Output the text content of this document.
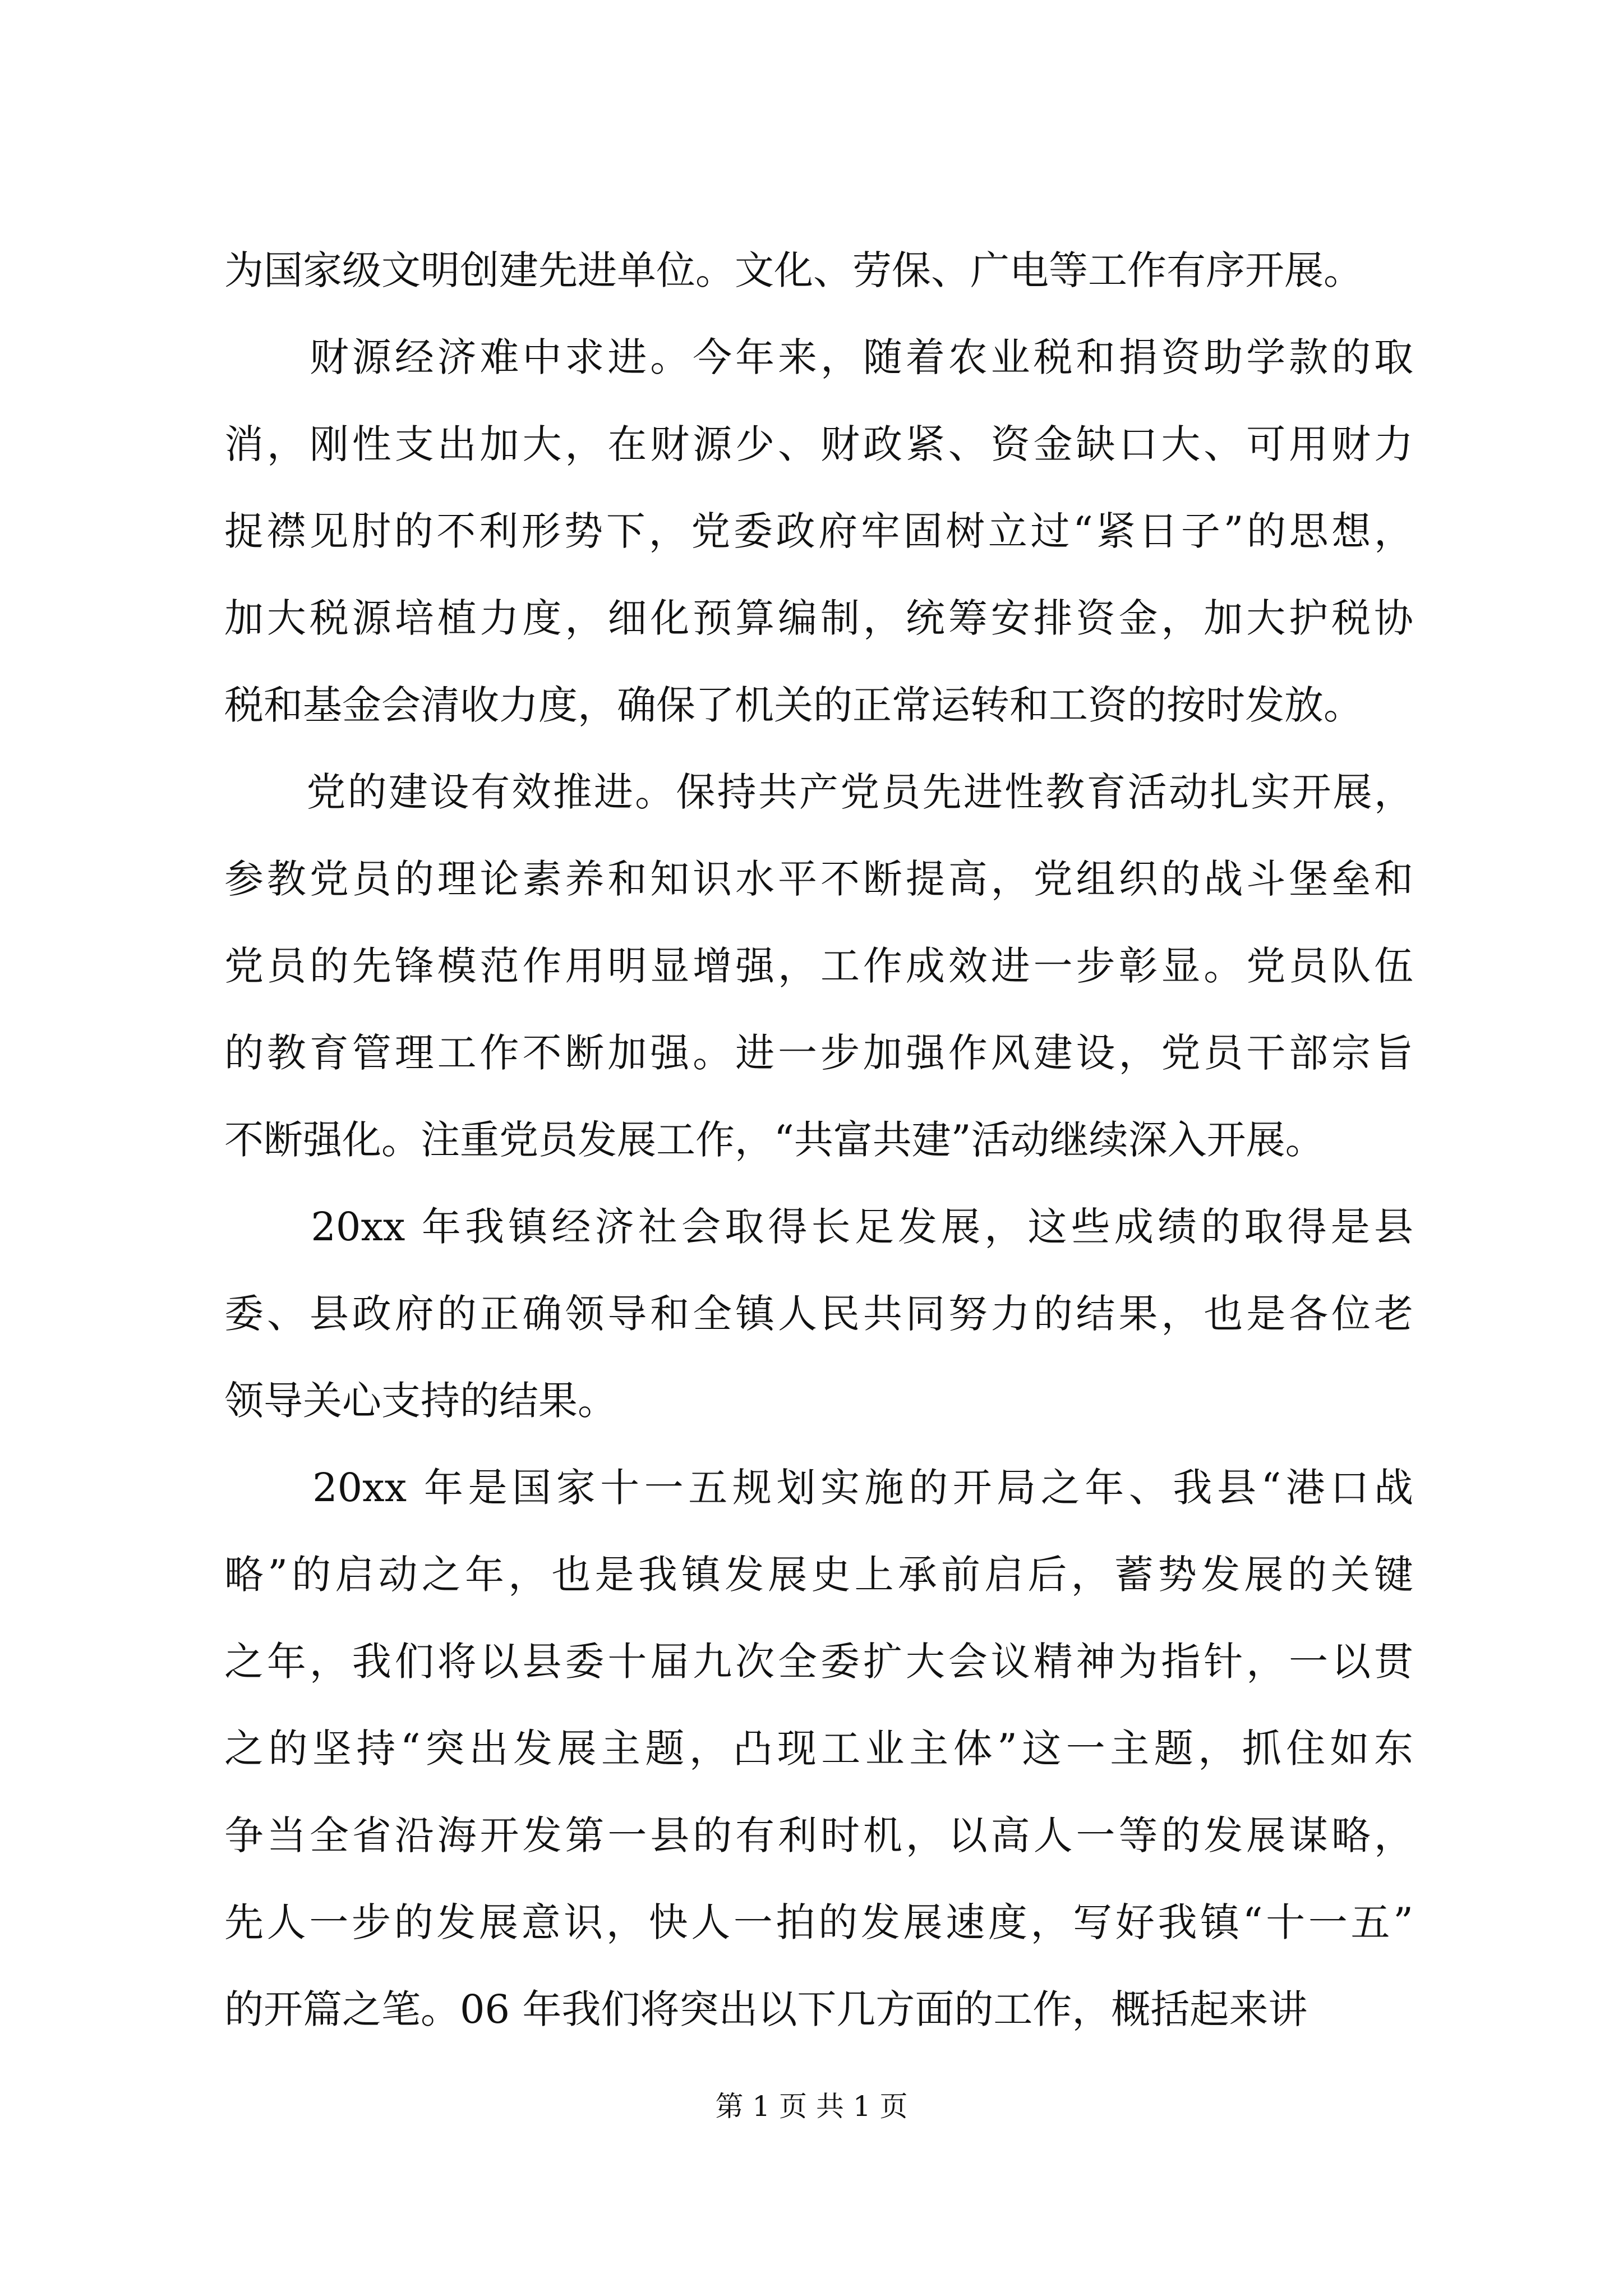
为国家级文明创建先进单位。文化、劳保、广电等工作有序开展。
　　财源经济难中求进。今年来，随着农业税和捐资助学款的取
消，刚性支出加大，在财源少、财政紧、资金缺口大、可用财力
捉襟见肘的不利形势下，党委政府牢固树立过“紧日子”的思想，
加大税源培植力度，细化预算编制，统筹安排资金，加大护税协
税和基金会清收力度，确保了机关的正常运转和工资的按时发放。
　　党的建设有效推进。保持共产党员先进性教育活动扎实开展，
参教党员的理论素养和知识水平不断提高，党组织的战斗堡垒和
党员的先锋模范作用明显增强，工作成效进一步彰显。党员队伍
的教育管理工作不断加强。进一步加强作风建设，党员干部宗旨
不断强化。注重党员发展工作，“共富共建”活动继续深入开展。
　　20xx 年我镇经济社会取得长足发展，这些成绩的取得是县
委、县政府的正确领导和全镇人民共同努力的结果，也是各位老
领导关心支持的结果。
　　20xx 年是国家十一五规划实施的开局之年、我县“港口战
略”的启动之年，也是我镇发展史上承前启后，蓄势发展的关键
之年，我们将以县委十届九次全委扩大会议精神为指针，一以贯
之的坚持“突出发展主题，凸现工业主体”这一主题，抓住如东
争当全省沿海开发第一县的有利时机，以高人一等的发展谋略，
先人一步的发展意识，快人一拍的发展速度，写好我镇“十一五”
的开篇之笔。06 年我们将突出以下几方面的工作，概括起来讲
第 1 页 共 1 页
